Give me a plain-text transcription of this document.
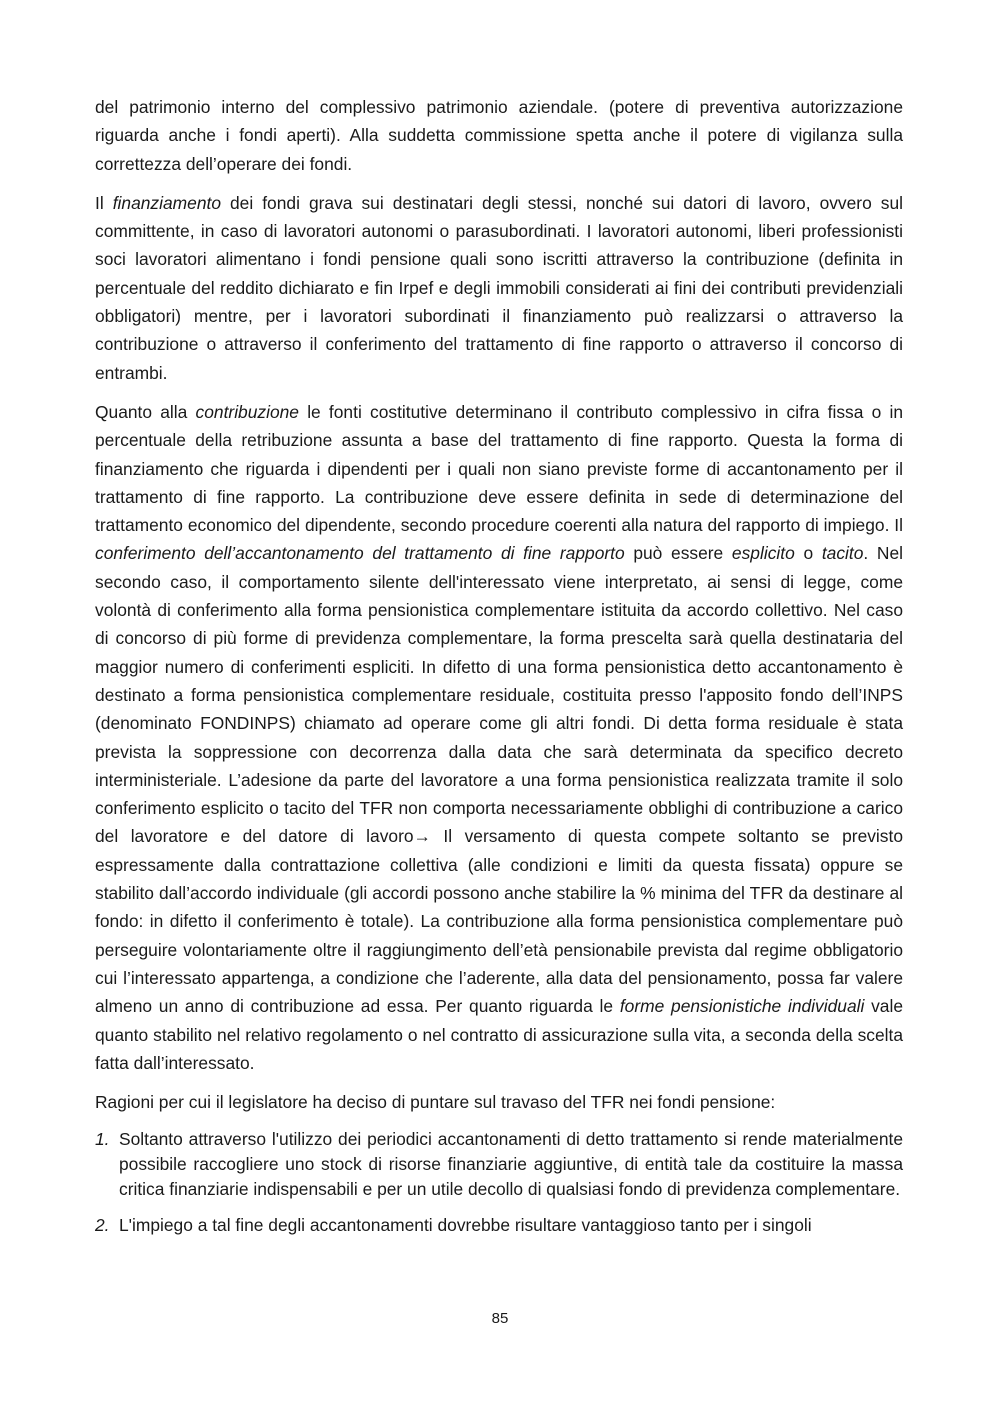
del patrimonio interno del complessivo patrimonio aziendale. (potere di preventiva autorizzazione riguarda anche i fondi aperti). Alla suddetta commissione spetta anche il potere di vigilanza sulla correttezza dell’operare dei fondi.

Il finanziamento dei fondi grava sui destinatari degli stessi, nonché sui datori di lavoro, ovvero sul committente, in caso di lavoratori autonomi o parasubordinati. I lavoratori autonomi, liberi professionisti soci lavoratori alimentano i fondi pensione quali sono iscritti attraverso la contribuzione (definita in percentuale del reddito dichiarato e fin Irpef e degli immobili considerati ai fini dei contributi previdenziali obbligatori) mentre, per i lavoratori subordinati il finanziamento può realizzarsi o attraverso la contribuzione o attraverso il conferimento del trattamento di fine rapporto o attraverso il concorso di entrambi.

Quanto alla contribuzione le fonti costitutive determinano il contributo complessivo in cifra fissa o in percentuale della retribuzione assunta a base del trattamento di fine rapporto. Questa la forma di finanziamento che riguarda i dipendenti per i quali non siano previste forme di accantonamento per il trattamento di fine rapporto. La contribuzione deve essere definita in sede di determinazione del trattamento economico del dipendente, secondo procedure coerenti alla natura del rapporto di impiego. Il conferimento dell’accantonamento del trattamento di fine rapporto può essere esplicito o tacito. Nel secondo caso, il comportamento silente dell'interessato viene interpretato, ai sensi di legge, come volontà di conferimento alla forma pensionistica complementare istituita da accordo collettivo. Nel caso di concorso di più forme di previdenza complementare, la forma prescelta sarà quella destinataria del maggior numero di conferimenti espliciti. In difetto di una forma pensionistica detto accantonamento è destinato a forma pensionistica complementare residuale, costituita presso l'apposito fondo dell’INPS (denominato FONDINPS) chiamato ad operare come gli altri fondi. Di detta forma residuale è stata prevista la soppressione con decorrenza dalla data che sarà determinata da specifico decreto interministeriale. L’adesione da parte del lavoratore a una forma pensionistica realizzata tramite il solo conferimento esplicito o tacito del TFR non comporta necessariamente obblighi di contribuzione a carico del lavoratore e del datore di lavoro→ Il versamento di questa compete soltanto se previsto espressamente dalla contrattazione collettiva (alle condizioni e limiti da questa fissata) oppure se stabilito dall’accordo individuale (gli accordi possono anche stabilire la % minima del TFR da destinare al fondo: in difetto il conferimento è totale). La contribuzione alla forma pensionistica complementare può perseguire volontariamente oltre il raggiungimento dell’età pensionabile prevista dal regime obbligatorio cui l’interessato appartenga, a condizione che l’aderente, alla data del pensionamento, possa far valere almeno un anno di contribuzione ad essa. Per quanto riguarda le forme pensionistiche individuali vale quanto stabilito nel relativo regolamento o nel contratto di assicurazione sulla vita, a seconda della scelta fatta dall’interessato.

Ragioni per cui il legislatore ha deciso di puntare sul travaso del TFR nei fondi pensione:

1. Soltanto attraverso l'utilizzo dei periodici accantonamenti di detto trattamento si rende materialmente possibile raccogliere uno stock di risorse finanziarie aggiuntive, di entità tale da costituire la massa critica finanziarie indispensabili e per un utile decollo di qualsiasi fondo di previdenza complementare.
2. L'impiego a tal fine degli accantonamenti dovrebbe risultare vantaggioso tanto per i singoli
85
